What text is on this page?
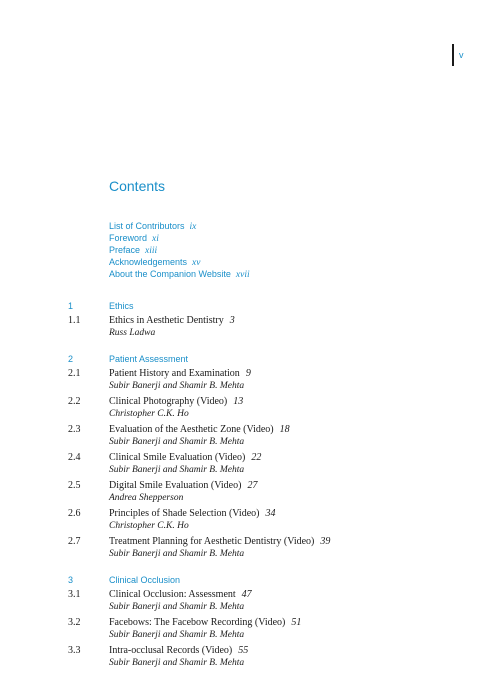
v
Contents
List of Contributors ix
Foreword xi
Preface xiii
Acknowledgements xv
About the Companion Website xvii
1	Ethics
1.1	Ethics in Aesthetic Dentistry 3
Russ Ladwa
2	Patient Assessment
2.1	Patient History and Examination 9
Subir Banerji and Shamir B. Mehta
2.2	Clinical Photography (Video) 13
Christopher C.K. Ho
2.3	Evaluation of the Aesthetic Zone (Video) 18
Subir Banerji and Shamir B. Mehta
2.4	Clinical Smile Evaluation (Video) 22
Subir Banerji and Shamir B. Mehta
2.5	Digital Smile Evaluation (Video) 27
Andrea Shepperson
2.6	Principles of Shade Selection (Video) 34
Christopher C.K. Ho
2.7	Treatment Planning for Aesthetic Dentistry (Video) 39
Subir Banerji and Shamir B. Mehta
3	Clinical Occlusion
3.1	Clinical Occlusion: Assessment 47
Subir Banerji and Shamir B. Mehta
3.2	Facebows: The Facebow Recording (Video) 51
Subir Banerji and Shamir B. Mehta
3.3	Intra-occlusal Records (Video) 55
Subir Banerji and Shamir B. Mehta
